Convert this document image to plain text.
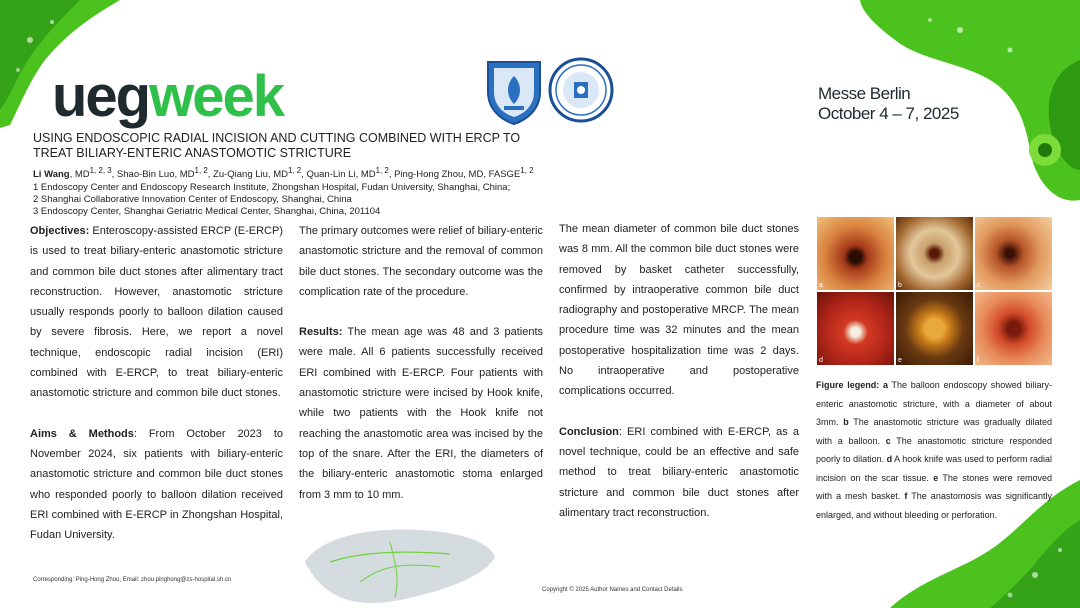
uegweek	Messe Berlin
October 4 – 7, 2025
USING ENDOSCOPIC RADIAL INCISION AND CUTTING COMBINED WITH ERCP TO
TREAT BILIARY-ENTERIC ANASTOMOTIC STRICTURE
Li Wang, MD$^{1, 2, 3}$, Shao-Bin Luo, MD$^{1, 2}$, Zu-Qiang Liu, MD$^{1, 2}$, Quan-Lin Li, MD$^{1, 2}$, Ping-Hong Zhou, MD, FASGE$^{1, 2}$
1 Endoscopy Center and Endoscopy Research Institute, Zhongshan Hospital, Fudan University, Shanghai, China;
2 Shanghai Collaborative Innovation Center of Endoscopy, Shanghai, China
3 Endoscopy Center, Shanghai Geriatric Medical Center, Shanghai, China, 201104

Objectives: Enteroscopy-assisted ERCP (E-ERCP) is used to treat biliary-enteric anastomotic stricture and common bile duct stones after alimentary tract reconstruction. However, anastomotic stricture usually responds poorly to balloon dilation caused by severe fibrosis. Here, we report a novel technique, endoscopic radial incision (ERI) combined with E-ERCP, to treat biliary-enteric anastomotic stricture and common bile duct stones.

Aims & Methods: From October 2023 to November 2024, six patients with biliary-enteric anastomotic stricture and common bile duct stones who responded poorly to balloon dilation received ERI combined with E-ERCP in Zhongshan Hospital, Fudan University.

The primary outcomes were relief of biliary-enteric anastomotic stricture and the removal of common bile duct stones. The secondary outcome was the complication rate of the procedure.

Results: The mean age was 48 and 3 patients were male. All 6 patients successfully received ERI combined with E-ERCP. Four patients with anastomotic stricture were incised by Hook knife, while two patients with the Hook knife not reaching the anastomotic area was incised by the top of the snare. After the ERI, the diameters of the biliary-enteric anastomotic stoma enlarged from 3 mm to 10 mm.

The mean diameter of common bile duct stones was 8 mm. All the common bile duct stones were removed by basket catheter successfully, confirmed by intraoperative common bile duct radiography and postoperative MRCP. The mean procedure time was 32 minutes and the mean postoperative hospitalization time was 2 days. No intraoperative and postoperative complications occurred.

Conclusion: ERI combined with E-ERCP, as a novel technique, could be an effective and safe method to treat biliary-enteric anastomotic stricture and common bile duct stones after alimentary tract reconstruction.

a	b	c
d	e	f
Figure legend: a The balloon endoscopy showed biliary-enteric anastomotic stricture, with a diameter of about 3mm. b The anastomotic stricture was gradually dilated with a balloon. c The anastomotic stricture responded poorly to dilation. d A hook knife was used to perform radial incision on the scar tissue. e The stones were removed with a mesh basket. f The anastomosis was significantly enlarged, and without bleeding or perforation.
Corresponding: Ping-Hong Zhou, Email: zhou.pinghong@zs-hospital.sh.cn
Copyright © 2025 Author Names and Contact Details
